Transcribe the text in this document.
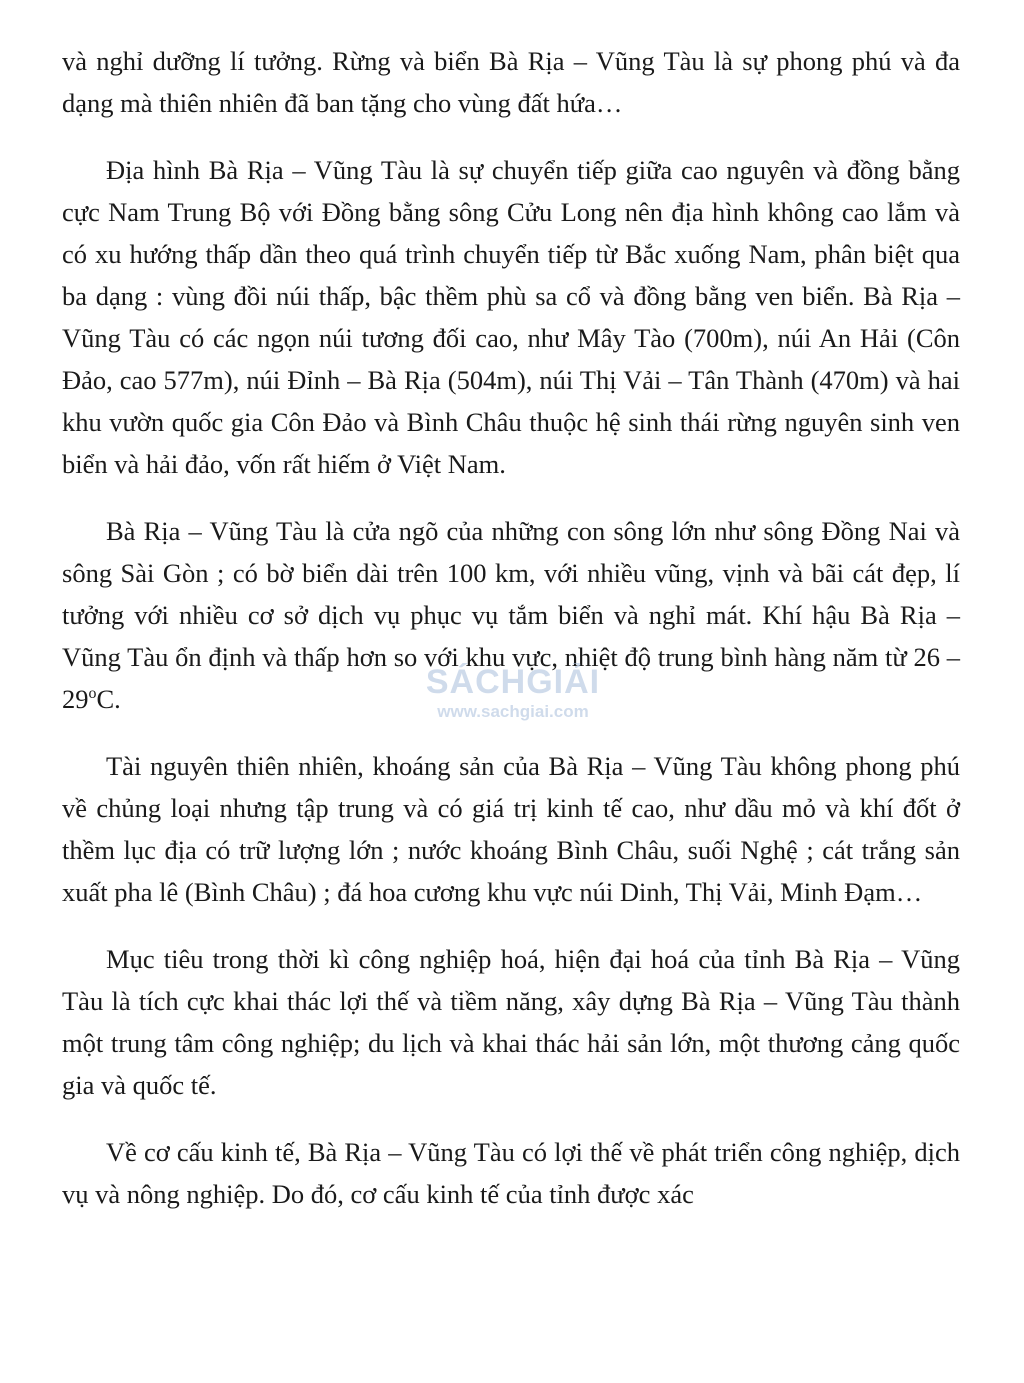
và nghỉ dưỡng lí tưởng. Rừng và biển Bà Rịa – Vũng Tàu là sự phong phú và đa dạng mà thiên nhiên đã ban tặng cho vùng đất hứa…

Địa hình Bà Rịa – Vũng Tàu là sự chuyển tiếp giữa cao nguyên và đồng bằng cực Nam Trung Bộ với Đồng bằng sông Cửu Long nên địa hình không cao lắm và có xu hướng thấp dần theo quá trình chuyển tiếp từ Bắc xuống Nam, phân biệt qua ba dạng : vùng đồi núi thấp, bậc thềm phù sa cổ và đồng bằng ven biển. Bà Rịa – Vũng Tàu có các ngọn núi tương đối cao, như Mây Tào (700m), núi An Hải (Côn Đảo, cao 577m), núi Đỉnh – Bà Rịa (504m), núi Thị Vải – Tân Thành (470m) và hai khu vườn quốc gia Côn Đảo và Bình Châu thuộc hệ sinh thái rừng nguyên sinh ven biển và hải đảo, vốn rất hiếm ở Việt Nam.

Bà Rịa – Vũng Tàu là cửa ngõ của những con sông lớn như sông Đồng Nai và sông Sài Gòn ; có bờ biển dài trên 100 km, với nhiều vũng, vịnh và bãi cát đẹp, lí tưởng với nhiều cơ sở dịch vụ phục vụ tắm biển và nghỉ mát. Khí hậu Bà Rịa – Vũng Tàu ổn định và thấp hơn so với khu vực, nhiệt độ trung bình hàng năm từ 26 – 29$^o$C.

Tài nguyên thiên nhiên, khoáng sản của Bà Rịa – Vũng Tàu không phong phú về chủng loại nhưng tập trung và có giá trị kinh tế cao, như dầu mỏ và khí đốt ở thềm lục địa có trữ lượng lớn ; nước khoáng Bình Châu, suối Nghệ ; cát trắng sản xuất pha lê (Bình Châu) ; đá hoa cương khu vực núi Dinh, Thị Vải, Minh Đạm…

Mục tiêu trong thời kì công nghiệp hoá, hiện đại hoá của tỉnh Bà Rịa – Vũng Tàu là tích cực khai thác lợi thế và tiềm năng, xây dựng Bà Rịa – Vũng Tàu thành một trung tâm công nghiệp; du lịch và khai thác hải sản lớn, một thương cảng quốc gia và quốc tế.

Về cơ cấu kinh tế, Bà Rịa – Vũng Tàu có lợi thế về phát triển công nghiệp, dịch vụ và nông nghiệp. Do đó, cơ cấu kinh tế của tỉnh được xác

SÁCHGIẢI
www.sachgiai.com
